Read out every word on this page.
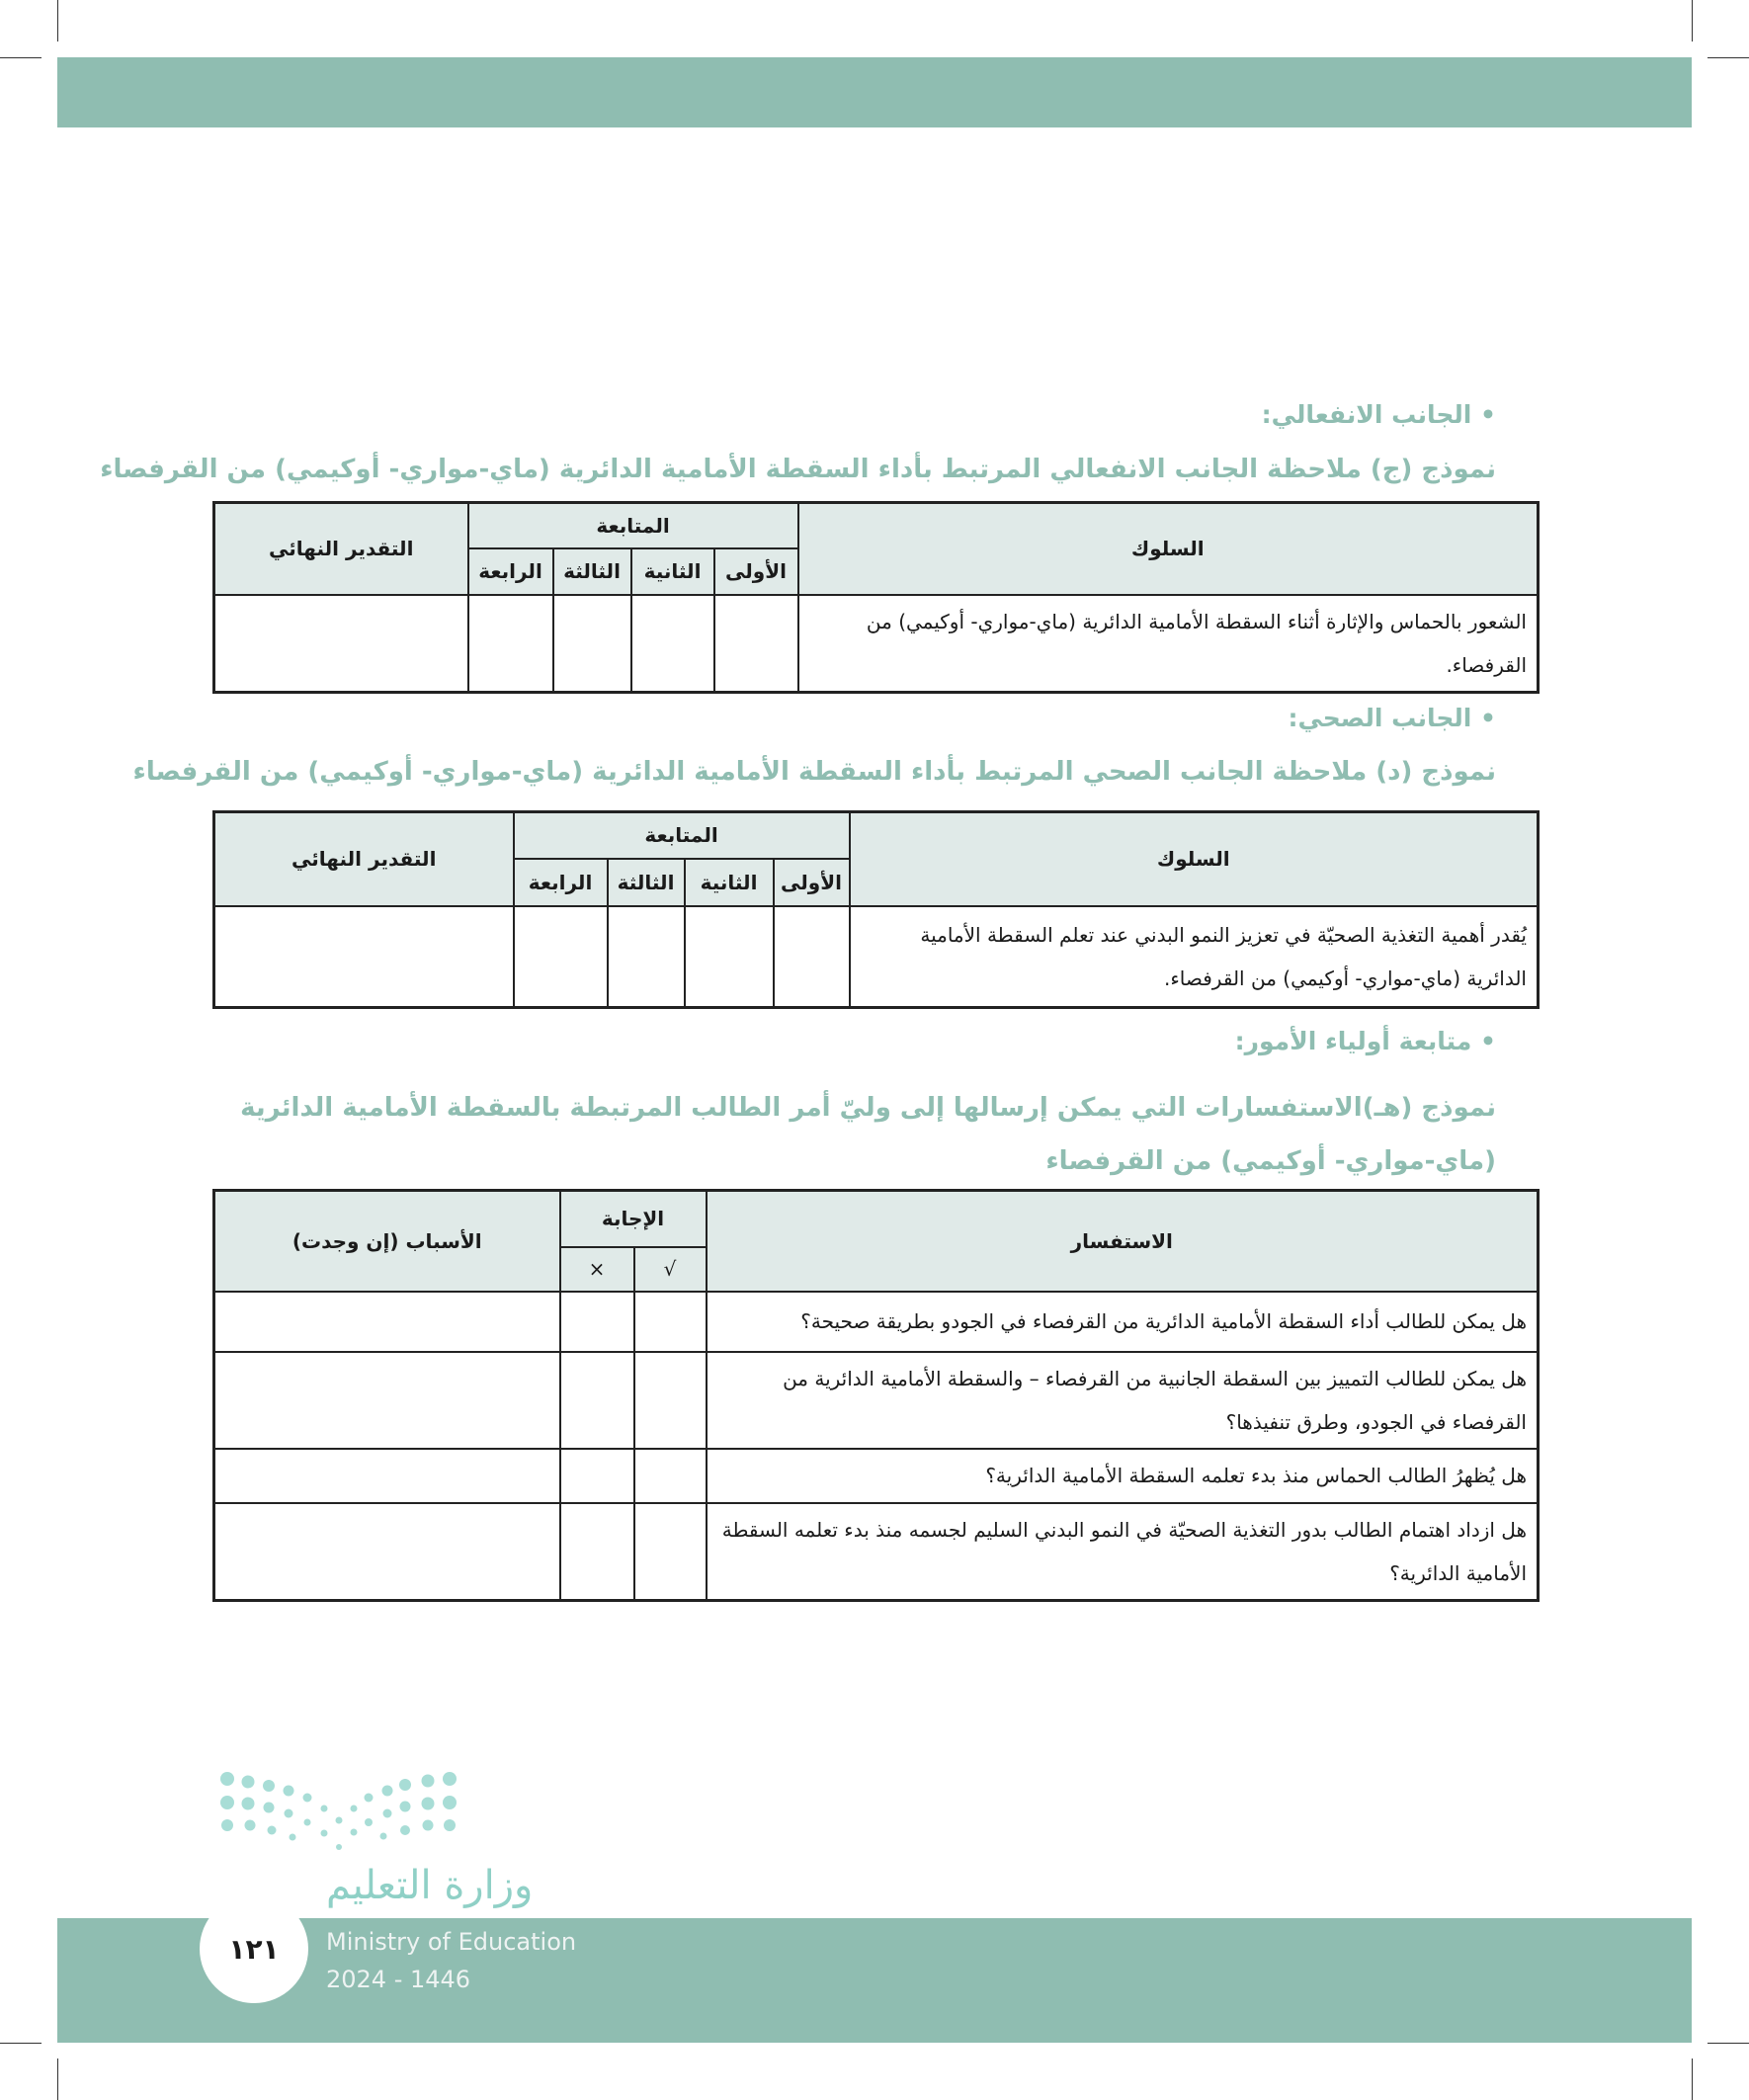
• الجانب الانفعالي:
نموذج (ج) ملاحظة الجانب الانفعالي المرتبط بأداء السقطة الأمامية الدائرية (ماي-مواري- أوكيمي) من القرفصاء
السلوك	المتابعة				التقدير النهائي
	الأولى	الثانية	الثالثة	الرابعة	
الشعور بالحماس والإثارة أثناء السقطة الأمامية الدائرية (ماي-مواري- أوكيمي) من القرفصاء.					
• الجانب الصحي:
نموذج (د) ملاحظة الجانب الصحي المرتبط بأداء السقطة الأمامية الدائرية (ماي-مواري- أوكيمي) من القرفصاء
السلوك	المتابعة				التقدير النهائي
	الأولى	الثانية	الثالثة	الرابعة	
يُقدر أهمية التغذية الصحيّة في تعزيز النمو البدني عند تعلم السقطة الأمامية الدائرية (ماي-مواري- أوكيمي) من القرفصاء.					
• متابعة أولياء الأمور:
نموذج (هـ)الاستفسارات التي يمكن إرسالها إلى وليّ أمر الطالب المرتبطة بالسقطة الأمامية الدائرية (ماي-مواري- أوكيمي) من القرفصاء
الاستفسار	الإجابة		الأسباب (إن وجدت)
	√	×	
هل يمكن للطالب أداء السقطة الأمامية الدائرية من القرفصاء في الجودو بطريقة صحيحة؟			
هل يمكن للطالب التمييز بين السقطة الجانبية من القرفصاء – والسقطة الأمامية الدائرية من القرفصاء في الجودو، وطرق تنفيذها؟			
هل يُظهرُ الطالب الحماس منذ بدء تعلمه السقطة الأمامية الدائرية؟			
هل ازداد اهتمام الطالب بدور التغذية الصحيّة في النمو البدني السليم لجسمه منذ بدء تعلمه السقطة الأمامية الدائرية؟			
١٢١
وزارة التعليم
Ministry of Education
2024 - 1446
